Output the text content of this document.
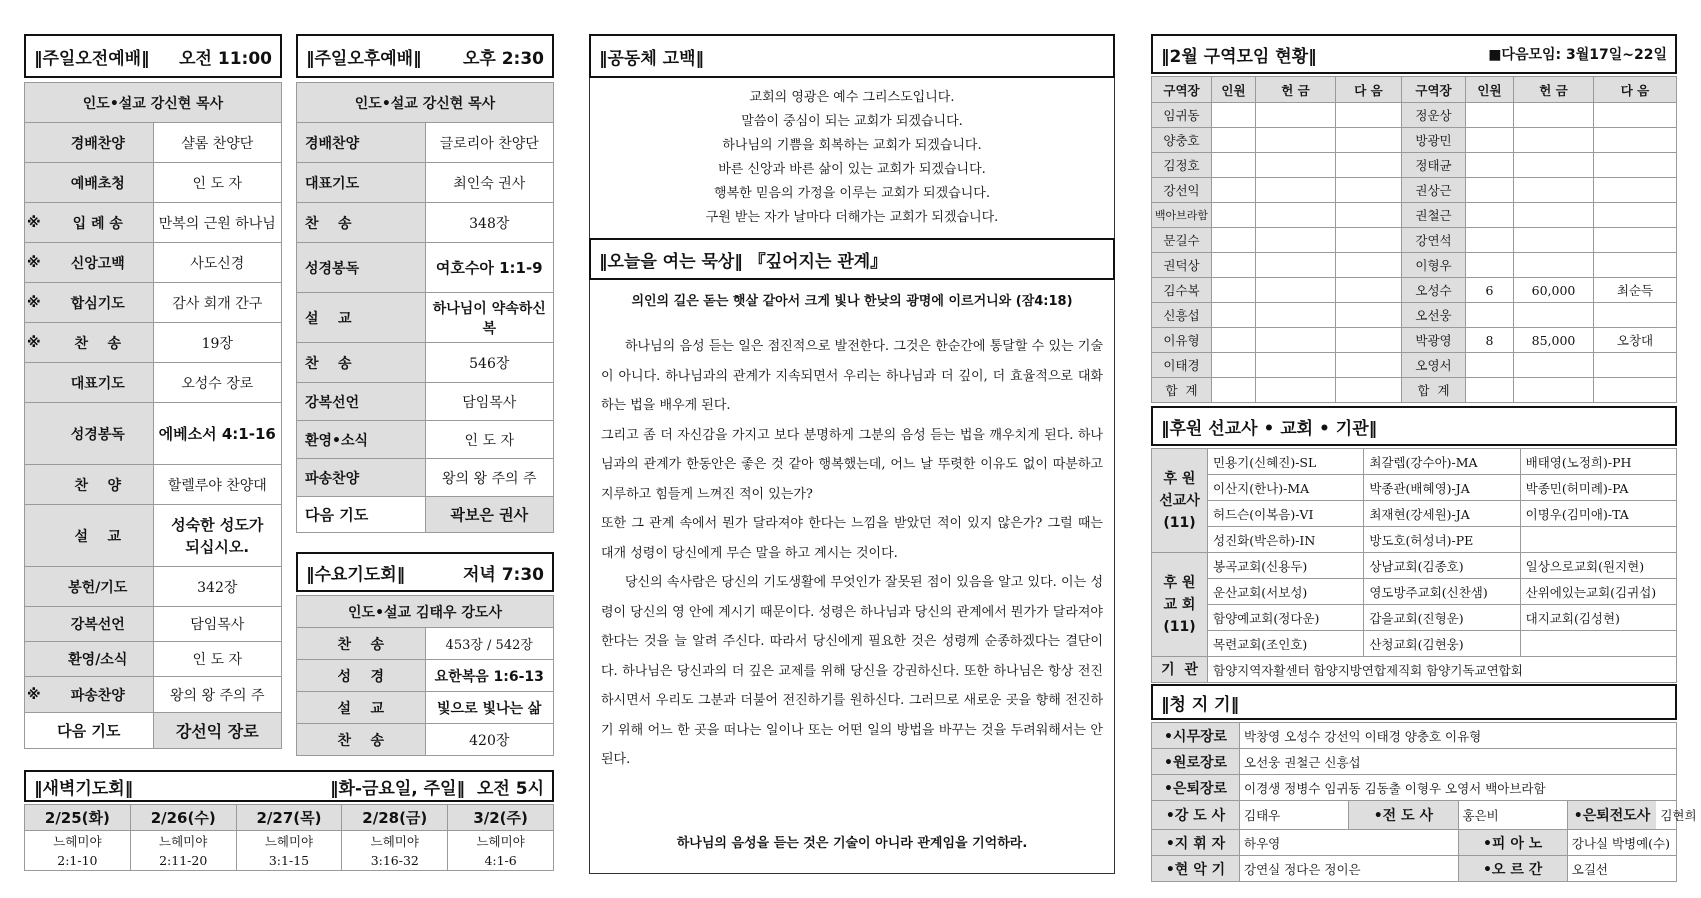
‖주일오전예배‖	오전 11:00
인도•설교 강신현 목사	

경배찬양	샬롬 찬양단

예배초청	인 도 자

※ 입 례 송	만복의 근원 하나님

※ 신앙고백	사도신경

※ 합심기도	감사 회개 간구

※ 찬    송	19장

대표기도	오성수 장로

성경봉독	에베소서 4:1-16

찬    양	할렐루야 찬양대

설    교	성숙한 성도가
되십시오.

봉헌/기도	342장

강복선언	담임목사

환영/소식	인 도 자

※ 파송찬양	왕의 왕 주의 주
다음 기도	강선익 장로
‖새벽기도회‖	‖화-금요일, 주일‖ 오전 5시
2/25(화)	2/26(수)	2/27(목)	2/28(금)	3/2(주)
느헤미야	느헤미야	느헤미야	느헤미야	느헤미야
2:1-10	2:11-20	3:1-15	3:16-32	4:1-6
‖주일오후예배‖	오후 2:30
인도•설교 강신현 목사	
경배찬양	글로리아 찬양단
대표기도	최인숙 권사
찬    송	348장
성경봉독	여호수아 1:1-9
설    교	하나님이 약속하신 복
찬    송	546장
강복선언	담임목사
환영•소식	인 도 자
파송찬양	왕의 왕 주의 주
다음 기도	곽보은 권사
‖수요기도회‖	저녁 7:30
인도•설교 김태우 강도사	
찬    송	453장 / 542장
성    경	요한복음 1:6-13
설    교	빛으로 빛나는 삶
찬    송	420장
‖공동체 고백‖
교회의 영광은 예수 그리스도입니다.
말씀이 중심이 되는 교회가 되겠습니다.
하나님의 기쁨을 회복하는 교회가 되겠습니다.
바른 신앙과 바른 삶이 있는 교회가 되겠습니다.
행복한 믿음의 가정을 이루는 교회가 되겠습니다.
구원 받는 자가 날마다 더해가는 교회가 되겠습니다.
‖오늘을 여는 묵상‖ 『깊어지는 관계』
의인의 길은 돋는 햇살 같아서 크게 빛나 한낮의 광명에 이르거니와 (잠4:18)

하나님의 음성 듣는 일은 점진적으로 발전한다. 그것은 한순간에 통달할 수 있는 기술이 아니다. 하나님과의 관계가 지속되면서 우리는 하나님과 더 깊이, 더 효율적으로 대화하는 법을 배우게 된다.

그리고 좀 더 자신감을 가지고 보다 분명하게 그분의 음성 듣는 법을 깨우치게 된다. 하나님과의 관계가 한동안은 좋은 것 같아 행복했는데, 어느 날 뚜렷한 이유도 없이 따분하고 지루하고 힘들게 느껴진 적이 있는가?

또한 그 관계 속에서 뭔가 달라져야 한다는 느낌을 받았던 적이 있지 않은가? 그럴 때는 대개 성령이 당신에게 무슨 말을 하고 계시는 것이다.

당신의 속사람은 당신의 기도생활에 무엇인가 잘못된 점이 있음을 알고 있다. 이는 성령이 당신의 영 안에 계시기 때문이다. 성령은 하나님과 당신의 관계에서 뭔가가 달라져야 한다는 것을 늘 알려 주신다. 따라서 당신에게 필요한 것은 성령께 순종하겠다는 결단이다. 하나님은 당신과의 더 깊은 교제를 위해 당신을 강권하신다. 또한 하나님은 항상 전진하시면서 우리도 그분과 더불어 전진하기를 원하신다. 그러므로 새로운 곳을 향해 전진하기 위해 어느 한 곳을 떠나는 일이나 또는 어떤 일의 방법을 바꾸는 것을 두려워해서는 안된다.

하나님의 음성을 듣는 것은 기술이 아니라 관계임을 기억하라.
‖2월 구역모임 현황‖	■다음모임: 3월17일~22일
구역장	인원	헌 금	다 음	구역장	인원	헌 금	다 음
임귀동				정운상			
양충호				방광민			
김정호				정태균			
강선익				권상근			
백아브라함				권철근			
문길수				강연석			
권덕상				이형우			
김수복				오성수	6	60,000	최순득
신흥섭				오선웅			
이유형				박광영	8	85,000	오창대
이태경				오영서			
합  계				합  계			
‖후원 선교사 • 교회 • 기관‖
후 원
선교사
(11)	민용기(신혜진)-SL	최갈렙(강수아)-MA	배태영(노정희)-PH
	이산지(한나)-MA	박종관(배혜영)-JA	박종민(허미례)-PA
	허드슨(이복음)-VI	최재현(강세원)-JA	이명우(김미애)-TA
	성진화(박은하)-IN	방도호(허성녀)-PE	
후 원
교 회
(11)	봉곡교회(신용두)	상남교회(김종호)	일상으로교회(원지현)
	운산교회(서보성)	영도방주교회(신찬샘)	산위에있는교회(김귀섭)
	함양예교회(정다운)	갑을교회(진형운)	대지교회(김성현)
	목련교회(조인호)	산청교회(김현웅)	
기  관	함양지역자활센터 함양지방연합제직회 함양기독교연합회		
‖청 지 기‖
•시무장로	박창영 오성수 강선익 이태경 양충호 이유형			
•원로장로	오선웅 권철근 신흥섭			
•은퇴장로	이경생 정병수 임귀동 김동출 이형우 오영서 백아브라함			
•강 도 사	김태우	•전 도 사	홍은비	•은퇴전도사 김현희
•지 휘 자	하우영		•피 아 노	강나실 박병예(수)
•현 악 기	강연실 정다은 정이은		•오 르 간	오길선
